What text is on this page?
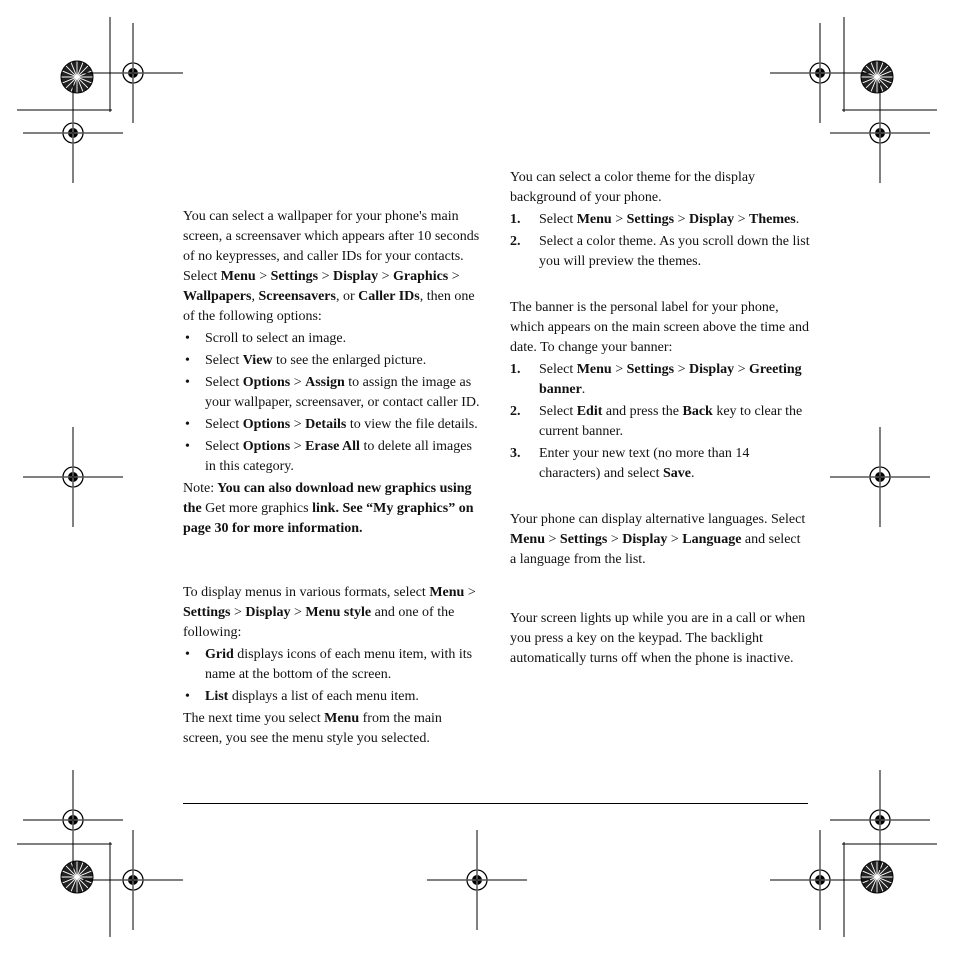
You can select a wallpaper for your phone's main screen, a screensaver which appears after 10 seconds of no keypresses, and caller IDs for your contacts. Select Menu > Settings > Display > Graphics > Wallpapers, Screensavers, or Caller IDs, then one of the following options:

• Scroll to select an image.
• Select View to see the enlarged picture.
• Select Options > Assign to assign the image as your wallpaper, screensaver, or contact caller ID.
• Select Options > Details to view the file details.
• Select Options > Erase All to delete all images in this category.

Note: You can also download new graphics using the Get more graphics link. See “My graphics” on page 30 for more information.

To display menus in various formats, select Menu > Settings > Display > Menu style and one of the following:

• Grid displays icons of each menu item, with its name at the bottom of the screen.
• List displays a list of each menu item.

The next time you select Menu from the main screen, you see the menu style you selected.

You can select a color theme for the display background of your phone.

1. Select Menu > Settings > Display > Themes.
2. Select a color theme. As you scroll down the list you will preview the themes.

The banner is the personal label for your phone, which appears on the main screen above the time and date. To change your banner:

1. Select Menu > Settings > Display > Greeting banner.
2. Select Edit and press the Back key to clear the current banner.
3. Enter your new text (no more than 14 characters) and select Save.

Your phone can display alternative languages. Select Menu > Settings > Display > Language and select a language from the list.

Your screen lights up while you are in a call or when you press a key on the keypad. The backlight automatically turns off when the phone is inactive.
